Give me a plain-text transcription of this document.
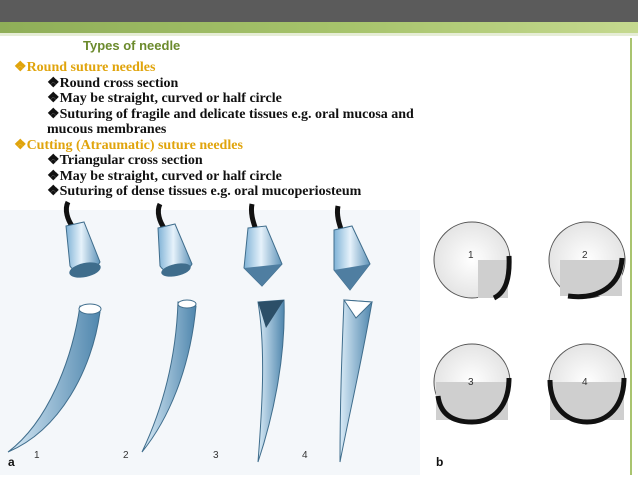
Types of needle
❖Round suture needles
❖Round cross section
❖May be straight, curved or half circle
❖Suturing of fragile and delicate tissues e.g. oral mucosa and
mucous membranes
❖Cutting (Atraumatic) suture needles
❖Triangular cross section
❖May be straight, curved or half circle
❖Suturing of dense tissues e.g. oral mucoperiosteum
a 1	2	3	4
1	2
3	4
b
